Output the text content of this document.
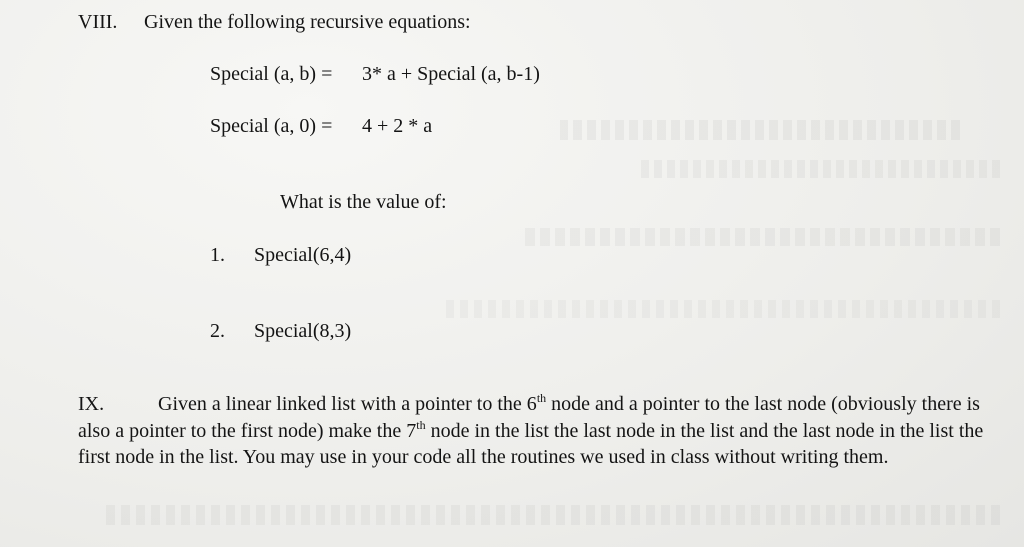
VIII. Given the following recursive equations:
Special (a, b) = 3* a + Special (a, b-1)
Special (a, 0) = 4 + 2 * a
What is the value of:
1. Special(6,4)
2. Special(8,3)
IX.	Given a linear linked list with a pointer to the 6th node and a pointer to the last node (obviously there is also a pointer to the first node) make the 7th node in the list the last node in the list and the last node in the list the first node in the list. You may use in your code all the routines we used in class without writing them.
